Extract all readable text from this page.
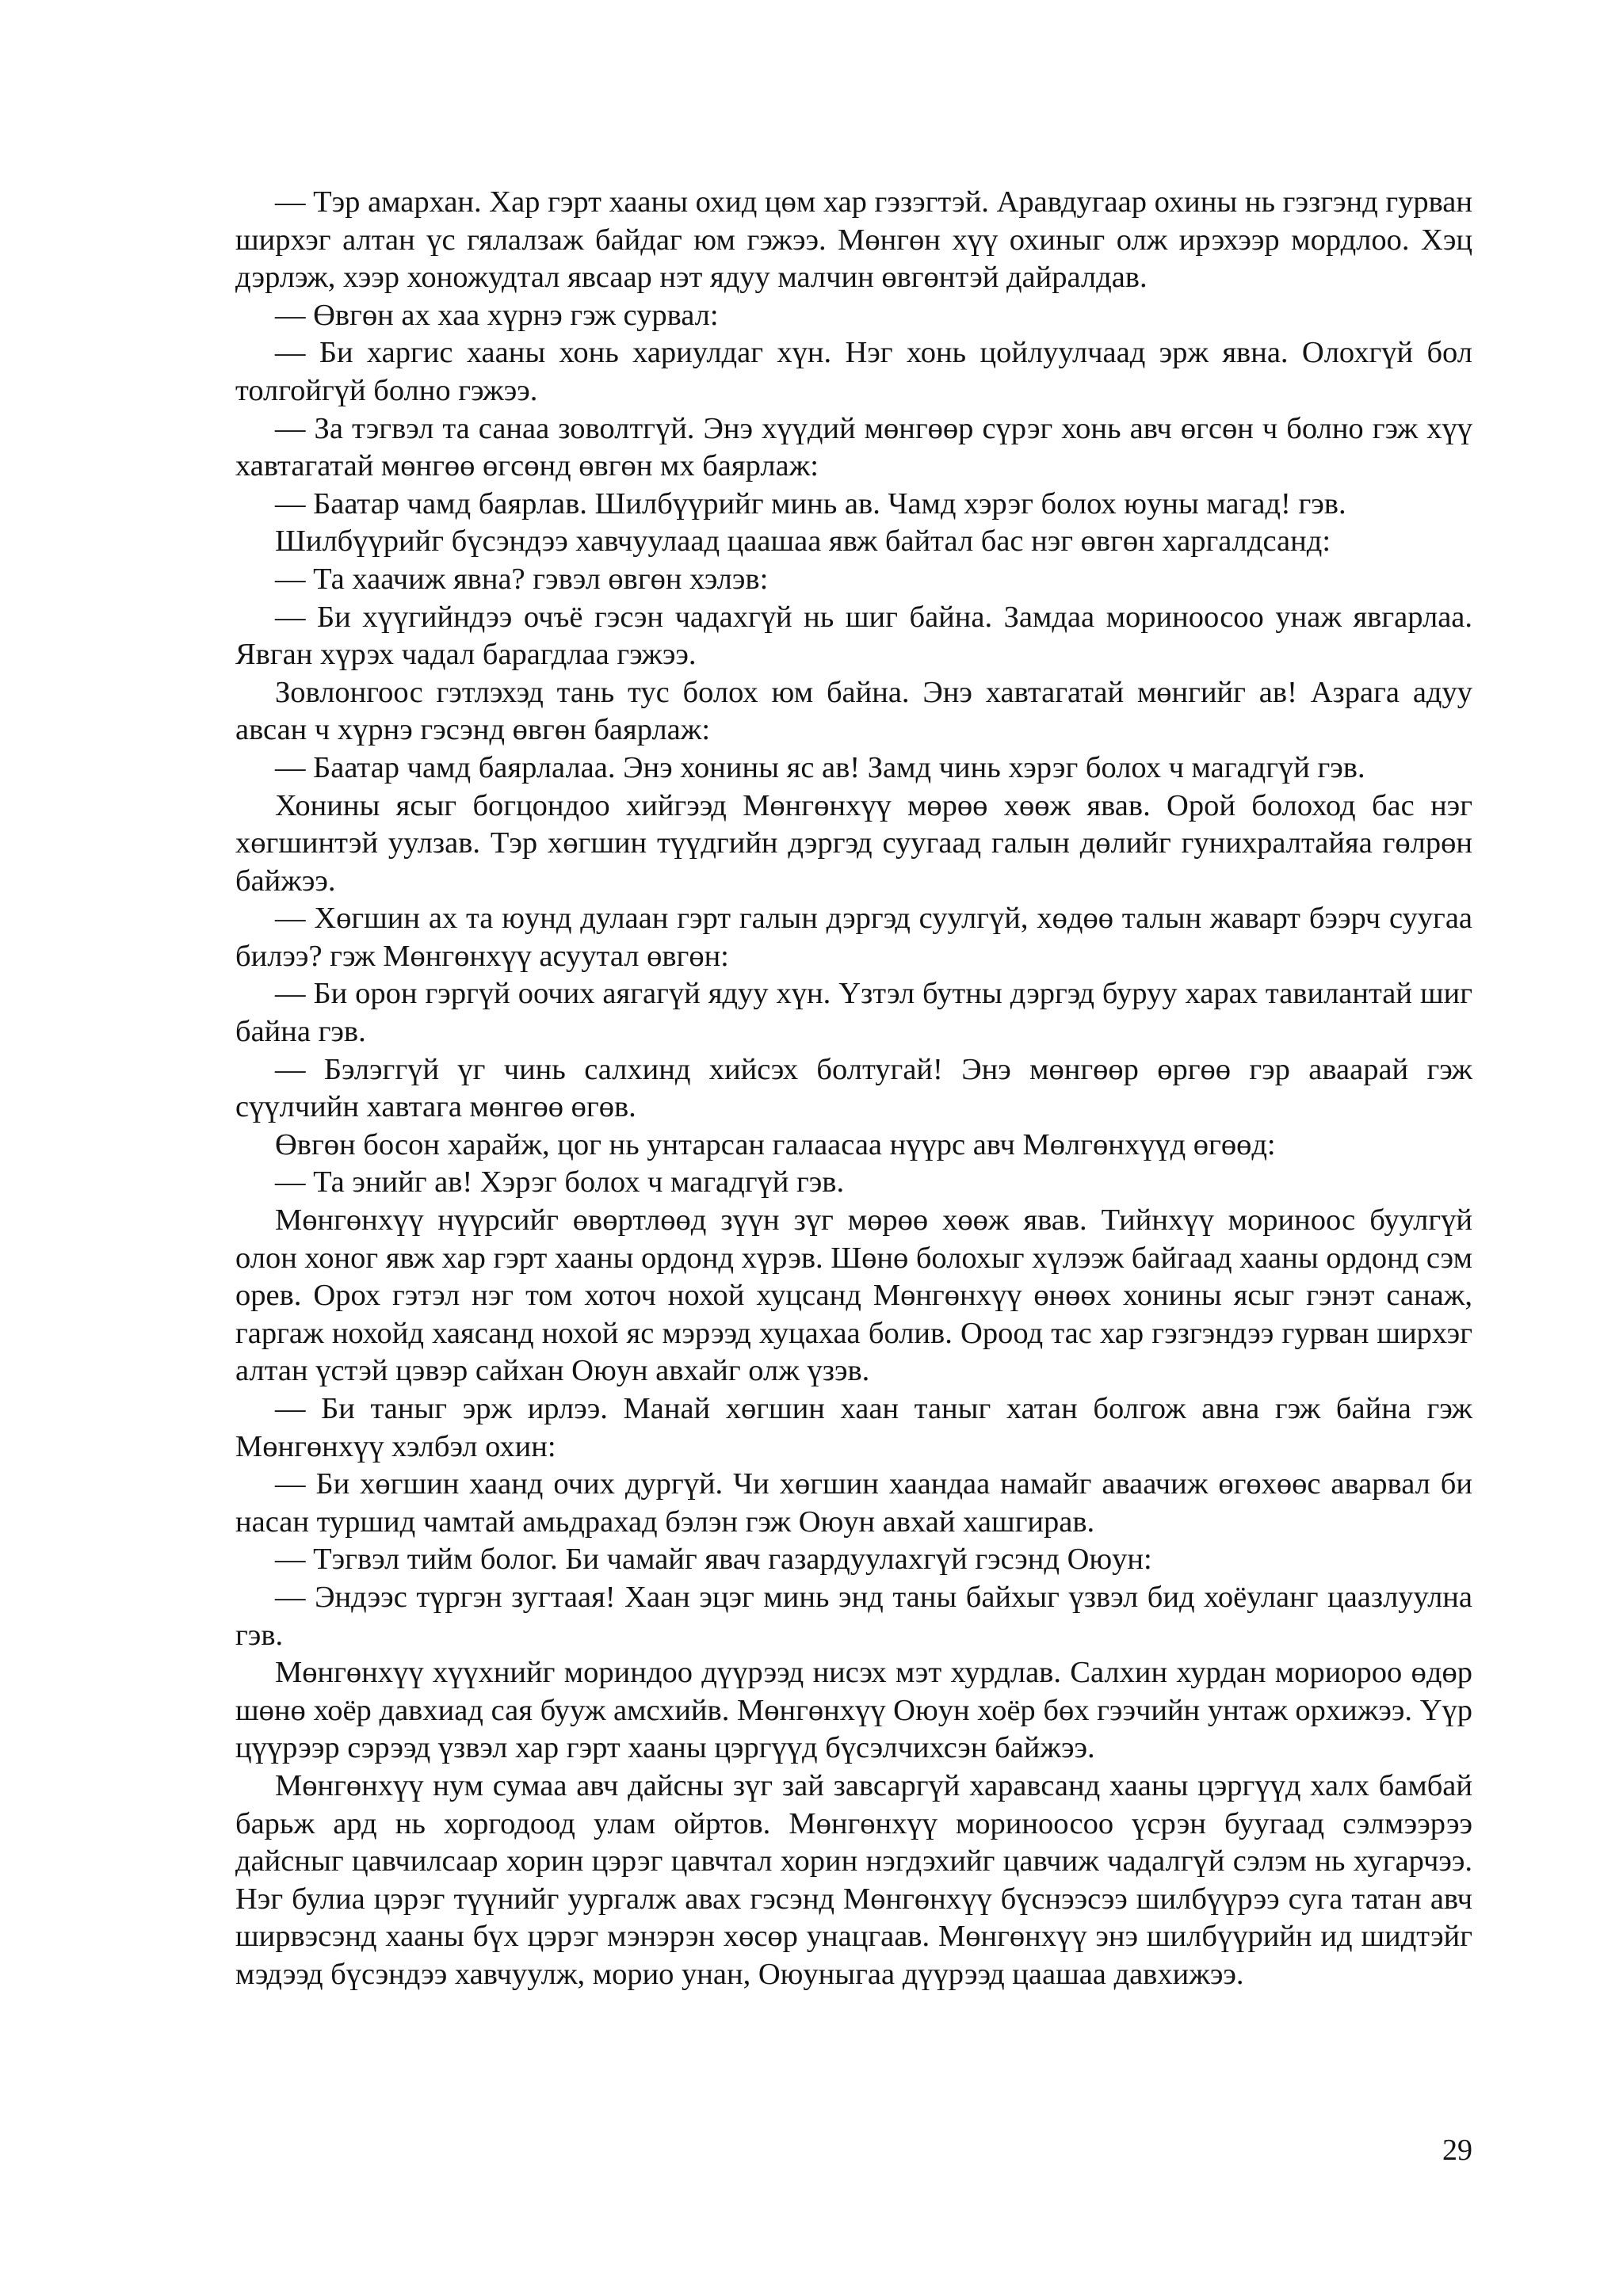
— Тэр амархан. Хар гэрт хааны охид цөм хар гэзэгтэй. Аравдугаар охины нь гэзгэнд гурван ширхэг алтан үс гялалзаж байдаг юм гэжээ. Мөнгөн хүү охиныг олж ирэхээр мордлоо. Хэц дэрлэж, хээр хоножудтал явсаар нэт ядуу малчин өвгөнтэй дайралдав.

— Өвгөн ах хаа хүрнэ гэж сурвал:

— Би харгис хааны хонь хариулдаг хүн. Нэг хонь цойлуулчаад эрж явна. Олохгүй бол толгойгүй болно гэжээ.

— За тэгвэл та санаа зоволтгүй. Энэ хүүдий мөнгөөр сүрэг хонь авч өгсөн ч болно гэж хүү хавтагатай мөнгөө өгсөнд өвгөн мх баярлаж:

— Баатар чамд баярлав. Шилбүүрийг минь ав. Чамд хэрэг болох юуны магад! гэв.

Шилбүүрийг бүсэндээ хавчуулаад цаашаа явж байтал бас нэг өвгөн харгалдсанд:

— Та хаачиж явна? гэвэл өвгөн хэлэв:

— Би хүүгийндээ очъё гэсэн чадахгүй нь шиг байна. Замдаа мориноосоо унаж явгарлаа. Явган хүрэх чадал барагдлаа гэжээ.

Зовлонгоос гэтлэхэд тань тус болох юм байна. Энэ хавтагатай мөнгийг ав! Азрага адуу авсан ч хүрнэ гэсэнд өвгөн баярлаж:

— Баатар чамд баярлалаа. Энэ хонины яс ав! Замд чинь хэрэг болох ч магадгүй гэв.

Хонины ясыг богцондоо хийгээд Мөнгөнхүү мөрөө хөөж явав. Орой болоход бас нэг хөгшинтэй уулзав. Тэр хөгшин түүдгийн дэргэд суугаад галын дөлийг гунихралтайяа гөлрөн байжээ.

— Хөгшин ах та юунд дулаан гэрт галын дэргэд суулгүй, хөдөө талын жаварт бээрч суугаа билээ? гэж Мөнгөнхүү асуутал өвгөн:

— Би орон гэргүй оочих аягагүй ядуу хүн. Үзтэл бутны дэргэд буруу харах тавилантай шиг байна гэв.

— Бэлэггүй үг чинь салхинд хийсэх болтугай! Энэ мөнгөөр өргөө гэр аваарай гэж сүүлчийн хавтага мөнгөө өгөв.

Өвгөн босон харайж, цог нь унтарсан галаасаа нүүрс авч Мөлгөнхүүд өгөөд:

— Та энийг ав! Хэрэг болох ч магадгүй гэв.

Мөнгөнхүү нүүрсийг өвөртлөөд зүүн зүг мөрөө хөөж явав. Тийнхүү мориноос буулгүй олон хоног явж хар гэрт хааны ордонд хүрэв. Шөнө болохыг хүлээж байгаад хааны ордонд сэм орев. Орох гэтэл нэг том хоточ нохой хуцсанд Мөнгөнхүү өнөөх хонины ясыг гэнэт санаж, гаргаж нохойд хаясанд нохой яс мэрээд хуцахаа болив. Ороод тас хар гэзгэндээ гурван ширхэг алтан үстэй цэвэр сайхан Оюун авхайг олж үзэв.

— Би таныг эрж ирлээ. Манай хөгшин хаан таныг хатан болгож авна гэж байна гэж Мөнгөнхүү хэлбэл охин:

— Би хөгшин хаанд очих дургүй. Чи хөгшин хаандаа намайг аваачиж өгөхөөс аварвал би насан туршид чамтай амьдрахад бэлэн гэж Оюун авхай хашгирав.

— Тэгвэл тийм болог. Би чамайг явач газардуулахгүй гэсэнд Оюун:

— Эндээс түргэн зугтаая! Хаан эцэг минь энд таны байхыг үзвэл бид хоёуланг цаазлуулна гэв.

Мөнгөнхүү хүүхнийг мориндоо дүүрээд нисэх мэт хурдлав. Салхин хурдан мориороо өдөр шөнө хоёр давхиад сая бууж амсхийв. Мөнгөнхүү Оюун хоёр бөх гээчийн унтаж орхижээ. Үүр цүүрээр сэрээд үзвэл хар гэрт хааны цэргүүд бүсэлчихсэн байжээ.

Мөнгөнхүү нум сумаа авч дайсны зүг зай завсаргүй харавсанд хааны цэргүүд халх бамбай барьж ард нь хоргодоод улам ойртов. Мөнгөнхүү мориноосоо үсрэн буугаад сэлмээрээ дайсныг цавчилсаар хорин цэрэг цавчтал хорин нэгдэхийг цавчиж чадалгүй сэлэм нь хугарчээ. Нэг булиа цэрэг түүнийг уургалж авах гэсэнд Мөнгөнхүү бүснээсээ шилбүүрээ суга татан авч ширвэсэнд хааны бүх цэрэг мэнэрэн хөсөр унацгаав. Мөнгөнхүү энэ шилбүүрийн ид шидтэйг мэдээд бүсэндээ хавчуулж, морио унан, Оюуныгаа дүүрээд цаашаа давхижээ.

29
